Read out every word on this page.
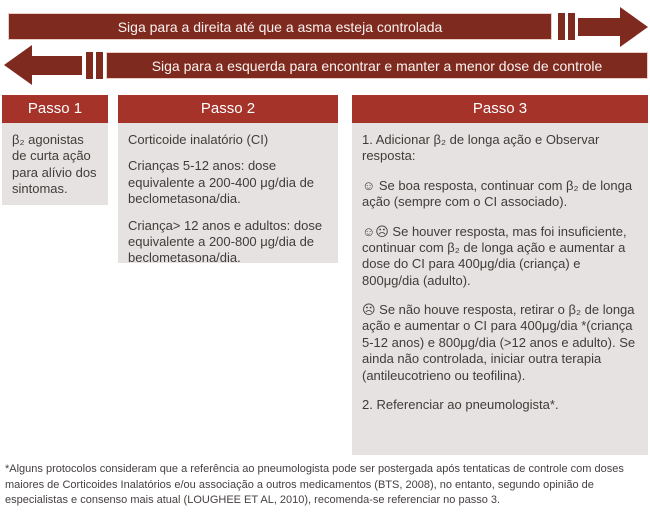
Siga para a direita até que a asma esteja controlada
Siga para a esquerda para encontrar e manter a menor dose de controle
Passo 1

β₂ agonistas de curta ação para alívio dos sintomas.

Passo 2

Corticoide inalatório (CI)

Crianças 5-12 anos: dose equivalente a 200-400 μg/dia de beclometasona/dia.

Criança> 12 anos e adultos: dose equivalente a 200-800 μg/dia de beclometasona/dia.

Passo 3

1. Adicionar β₂ de longa ação e Observar resposta:

☺ Se boa resposta, continuar com β₂ de longa ação (sempre com o CI associado).

☺☹ Se houver resposta, mas foi insuficiente, continuar com β₂ de longa ação e aumentar a dose do CI para 400μg/dia (criança) e 800μg/dia (adulto).

☹ Se não houve resposta, retirar o β₂ de longa ação e aumentar o CI para 400μg/dia *(criança 5-12 anos) e 800μg/dia (>12 anos e adulto). Se ainda não controlada, iniciar outra terapia (antileucotrieno ou teofilina).

2. Referenciar ao pneumologista*.

*Alguns protocolos consideram que a referência ao pneumologista pode ser postergada após tentaticas de controle com doses maiores de Corticoides Inalatórios e/ou associação a outros medicamentos (BTS, 2008), no entanto, segundo opinião de especialistas e consenso mais atual (LOUGHEE ET AL, 2010), recomenda-se referenciar no passo 3.
